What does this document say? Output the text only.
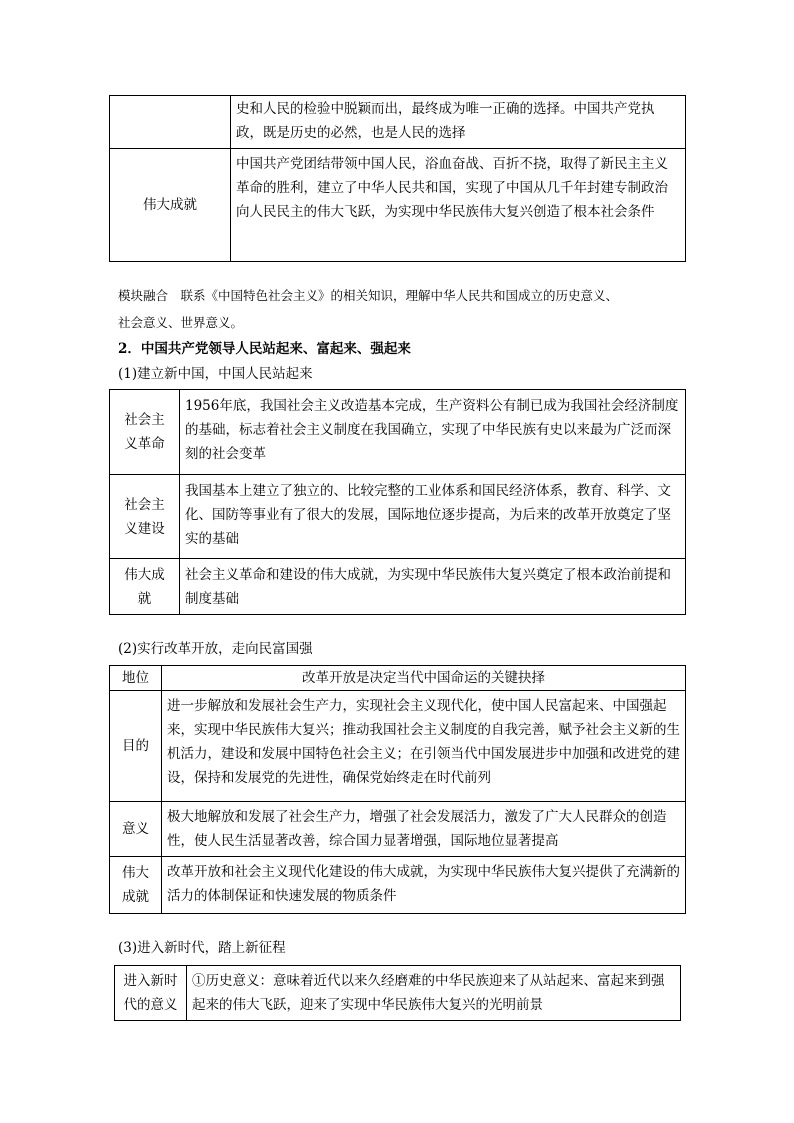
	史和人民的检验中脱颖而出，最终成为唯一正确的选择。中国共产党执政，既是历史的必然，也是人民的选择
伟大成就	中国共产党团结带领中国人民，浴血奋战、百折不挠，取得了新民主主义革命的胜利，建立了中华人民共和国，实现了中国从几千年封建专制政治向人民民主的伟大飞跃，为实现中华民族伟大复兴创造了根本社会条件
模块融合　联系《中国特色社会主义》的相关知识，理解中华人民共和国成立的历史意义、
社会意义、世界意义。
2．中国共产党领导人民站起来、富起来、强起来
(1)建立新中国，中国人民站起来
社会主义革命	1956年底，我国社会主义改造基本完成，生产资料公有制已成为我国社会经济制度的基础，标志着社会主义制度在我国确立，实现了中华民族有史以来最为广泛而深刻的社会变革
社会主义建设	我国基本上建立了独立的、比较完整的工业体系和国民经济体系，教育、科学、文化、国防等事业有了很大的发展，国际地位逐步提高，为后来的改革开放奠定了坚实的基础
伟大成就	社会主义革命和建设的伟大成就，为实现中华民族伟大复兴奠定了根本政治前提和制度基础
(2)实行改革开放，走向民富国强
地位	改革开放是决定当代中国命运的关键抉择
目的	进一步解放和发展社会生产力，实现社会主义现代化，使中国人民富起来、中国强起来，实现中华民族伟大复兴；推动我国社会主义制度的自我完善，赋予社会主义新的生机活力，建设和发展中国特色社会主义；在引领当代中国发展进步中加强和改进党的建设，保持和发展党的先进性，确保党始终走在时代前列
意义	极大地解放和发展了社会生产力，增强了社会发展活力，激发了广大人民群众的创造性，使人民生活显著改善，综合国力显著增强，国际地位显著提高
伟大成就	改革开放和社会主义现代化建设的伟大成就，为实现中华民族伟大复兴提供了充满新的活力的体制保证和快速发展的物质条件
(3)进入新时代，踏上新征程
进入新时代的意义	①历史意义：意味着近代以来久经磨难的中华民族迎来了从站起来、富起来到强起来的伟大飞跃，迎来了实现中华民族伟大复兴的光明前景
